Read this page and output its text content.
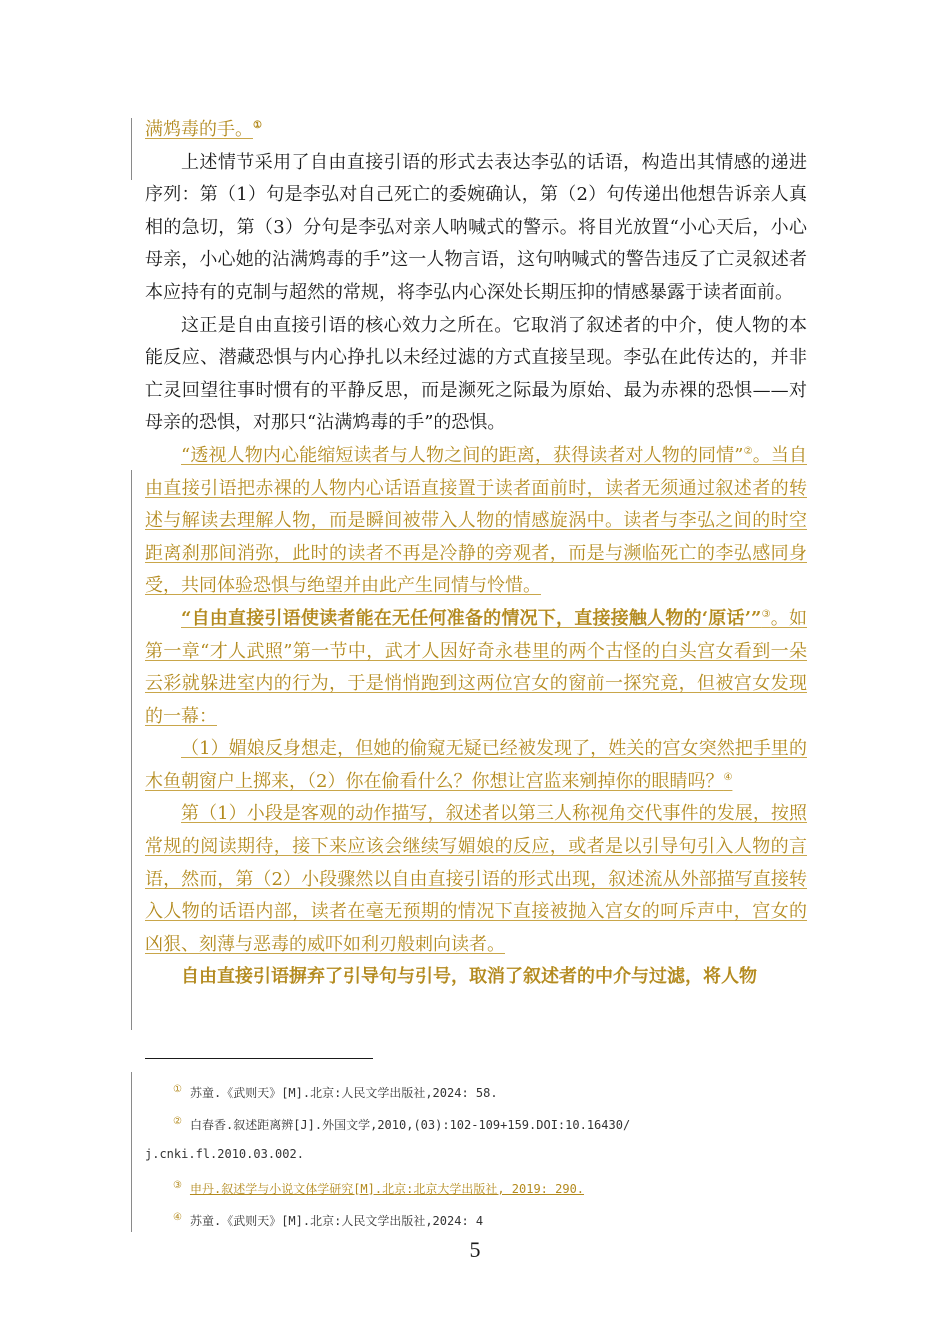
满鸩毒的手。①

上述情节采用了自由直接引语的形式去表达李弘的话语，构造出其情感的递进序列：第（1）句是李弘对自己死亡的委婉确认，第（2）句传递出他想告诉亲人真相的急切，第（3）分句是李弘对亲人呐喊式的警示。将目光放置“小心天后，小心母亲，小心她的沾满鸩毒的手”这一人物言语，这句呐喊式的警告违反了亡灵叙述者本应持有的克制与超然的常规，将李弘内心深处长期压抑的情感暴露于读者面前。

这正是自由直接引语的核心效力之所在。它取消了叙述者的中介，使人物的本能反应、潜藏恐惧与内心挣扎以未经过滤的方式直接呈现。李弘在此传达的，并非亡灵回望往事时惯有的平静反思，而是濒死之际最为原始、最为赤裸的恐惧——对母亲的恐惧，对那只“沾满鸩毒的手”的恐惧。

“透视人物内心能缩短读者与人物之间的距离，获得读者对人物的同情”②。当自由直接引语把赤裸的人物内心话语直接置于读者面前时，读者无须通过叙述者的转述与解读去理解人物，而是瞬间被带入人物的情感旋涡中。读者与李弘之间的时空距离刹那间消弥，此时的读者不再是冷静的旁观者，而是与濒临死亡的李弘感同身受，共同体验恐惧与绝望并由此产生同情与怜惜。

“自由直接引语使读者能在无任何准备的情况下，直接接触人物的‘原话’”③。如第一章“才人武照”第一节中，武才人因好奇永巷里的两个古怪的白头宫女看到一朵云彩就躲进室内的行为，于是悄悄跑到这两位宫女的窗前一探究竟，但被宫女发现的一幕：

（1）媚娘反身想走，但她的偷窥无疑已经被发现了，姓关的宫女突然把手里的木鱼朝窗户上掷来，（2）你在偷看什么？你想让宫监来剜掉你的眼睛吗？④

第（1）小段是客观的动作描写，叙述者以第三人称视角交代事件的发展，按照常规的阅读期待，接下来应该会继续写媚娘的反应，或者是以引导句引入人物的言语，然而，第（2）小段骤然以自由直接引语的形式出现，叙述流从外部描写直接转入人物的话语内部，读者在毫无预期的情况下直接被抛入宫女的呵斥声中，宫女的凶狠、刻薄与恶毒的威吓如利刃般刺向读者。

自由直接引语摒弃了引导句与引号，取消了叙述者的中介与过滤，将人物

① 苏童.《武则天》[M].北京:人民文学出版社,2024: 58.
② 白春香.叙述距离辨[J].外国文学,2010,(03):102-109+159.DOI:10.16430/
j.cnki.fl.2010.03.002.
③ 申丹.叙述学与小说文体学研究[M].北京:北京大学出版社, 2019: 290.
④ 苏童.《武则天》[M].北京:人民文学出版社,2024: 4
5
